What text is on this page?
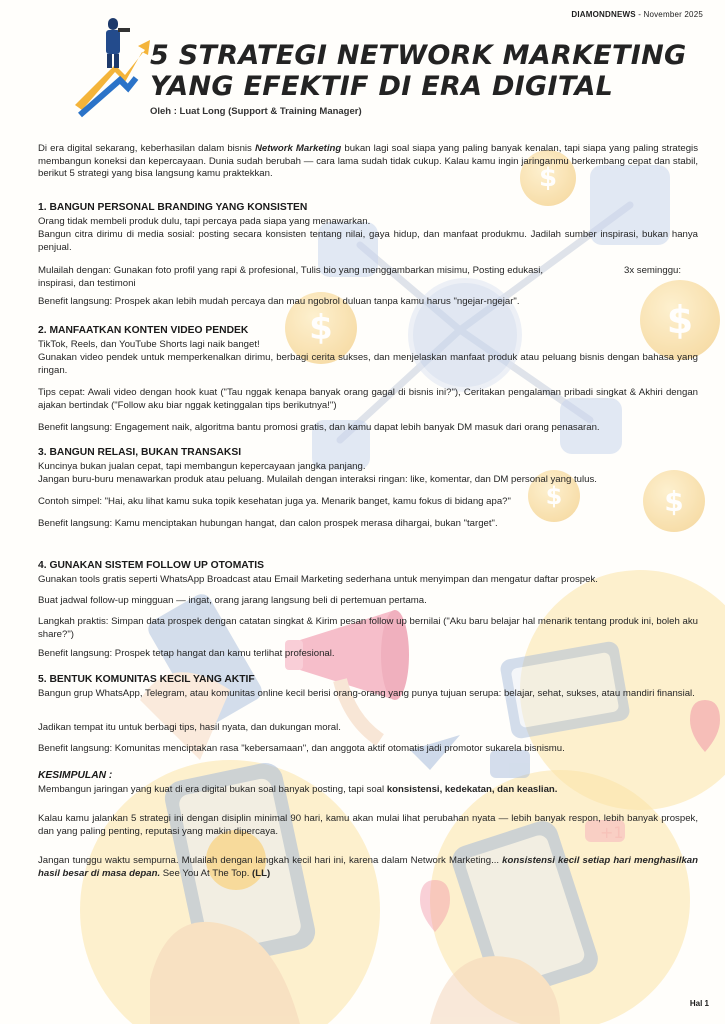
+1
$
$
$
$
$
DIAMONDNEWS - November 2025
5 STRATEGI NETWORK MARKETING
YANG EFEKTIF DI ERA DIGITAL
Oleh : Luat Long (Support & Training Manager)
Di era digital sekarang, keberhasilan dalam bisnis Network Marketing bukan lagi soal siapa yang paling banyak kenalan, tapi siapa yang paling strategis membangun koneksi dan kepercayaan. Dunia sudah berubah — cara lama sudah tidak cukup. Kalau kamu ingin jaringanmu berkembang cepat dan stabil, berikut 5 strategi yang bisa langsung kamu praktekkan.
1. BANGUN PERSONAL BRANDING YANG KONSISTEN
Orang tidak membeli produk dulu, tapi percaya pada siapa yang menawarkan.
Bangun citra dirimu di media sosial: posting secara konsisten tentang nilai, gaya hidup, dan manfaat produkmu. Jadilah sumber inspirasi, bukan hanya penjual.
Mulailah dengan: Gunakan foto profil yang rapi & profesional, Tulis bio yang menggambarkan misimu, Posting edukasi, inspirasi, dan testimoni
3x seminggu:
Benefit langsung: Prospek akan lebih mudah percaya dan mau ngobrol duluan tanpa kamu harus "ngejar-ngejar".
2. MANFAATKAN KONTEN VIDEO PENDEK
TikTok, Reels, dan YouTube Shorts lagi naik banget!
Gunakan video pendek untuk memperkenalkan dirimu, berbagi cerita sukses, dan menjelaskan manfaat produk atau peluang bisnis dengan bahasa yang ringan.
Tips cepat: Awali video dengan hook kuat ("Tau nggak kenapa banyak orang gagal di bisnis ini?"), Ceritakan pengalaman pribadi singkat & Akhiri dengan ajakan bertindak ("Follow aku biar nggak ketinggalan tips berikutnya!")
Benefit langsung: Engagement naik, algoritma bantu promosi gratis, dan kamu dapat lebih banyak DM masuk dari orang penasaran.
3. BANGUN RELASI, BUKAN TRANSAKSI
Kuncinya bukan jualan cepat, tapi membangun kepercayaan jangka panjang.
Jangan buru-buru menawarkan produk atau peluang. Mulailah dengan interaksi ringan: like, komentar, dan DM personal yang tulus.
Contoh simpel: "Hai, aku lihat kamu suka topik kesehatan juga ya. Menarik banget, kamu fokus di bidang apa?"
Benefit langsung: Kamu menciptakan hubungan hangat, dan calon prospek merasa dihargai, bukan "target".
4. GUNAKAN SISTEM FOLLOW UP OTOMATIS
Gunakan tools gratis seperti WhatsApp Broadcast atau Email Marketing sederhana untuk menyimpan dan mengatur daftar prospek.
Buat jadwal follow-up mingguan — ingat, orang jarang langsung beli di pertemuan pertama.
Langkah praktis: Simpan data prospek dengan catatan singkat & Kirim pesan follow up bernilai ("Aku baru belajar hal menarik tentang produk ini, boleh aku share?")
Benefit langsung: Prospek tetap hangat dan kamu terlihat profesional.
5. BENTUK KOMUNITAS KECIL YANG AKTIF
Bangun grup WhatsApp, Telegram, atau komunitas online kecil berisi orang-orang yang punya tujuan serupa: belajar, sehat, sukses, atau mandiri finansial.
Jadikan tempat itu untuk berbagi tips, hasil nyata, dan dukungan moral.
Benefit langsung: Komunitas menciptakan rasa "kebersamaan", dan anggota aktif otomatis jadi promotor sukarela bisnismu.
KESIMPULAN :
Membangun jaringan yang kuat di era digital bukan soal banyak posting, tapi soal konsistensi, kedekatan, dan keaslian.
Kalau kamu jalankan 5 strategi ini dengan disiplin minimal 90 hari, kamu akan mulai lihat perubahan nyata — lebih banyak respon, lebih banyak prospek, dan yang paling penting, reputasi yang makin dipercaya.
Jangan tunggu waktu sempurna. Mulailah dengan langkah kecil hari ini, karena dalam Network Marketing... konsistensi kecil setiap hari menghasilkan hasil besar di masa depan. See You At The Top. (LL)
Hal 1
